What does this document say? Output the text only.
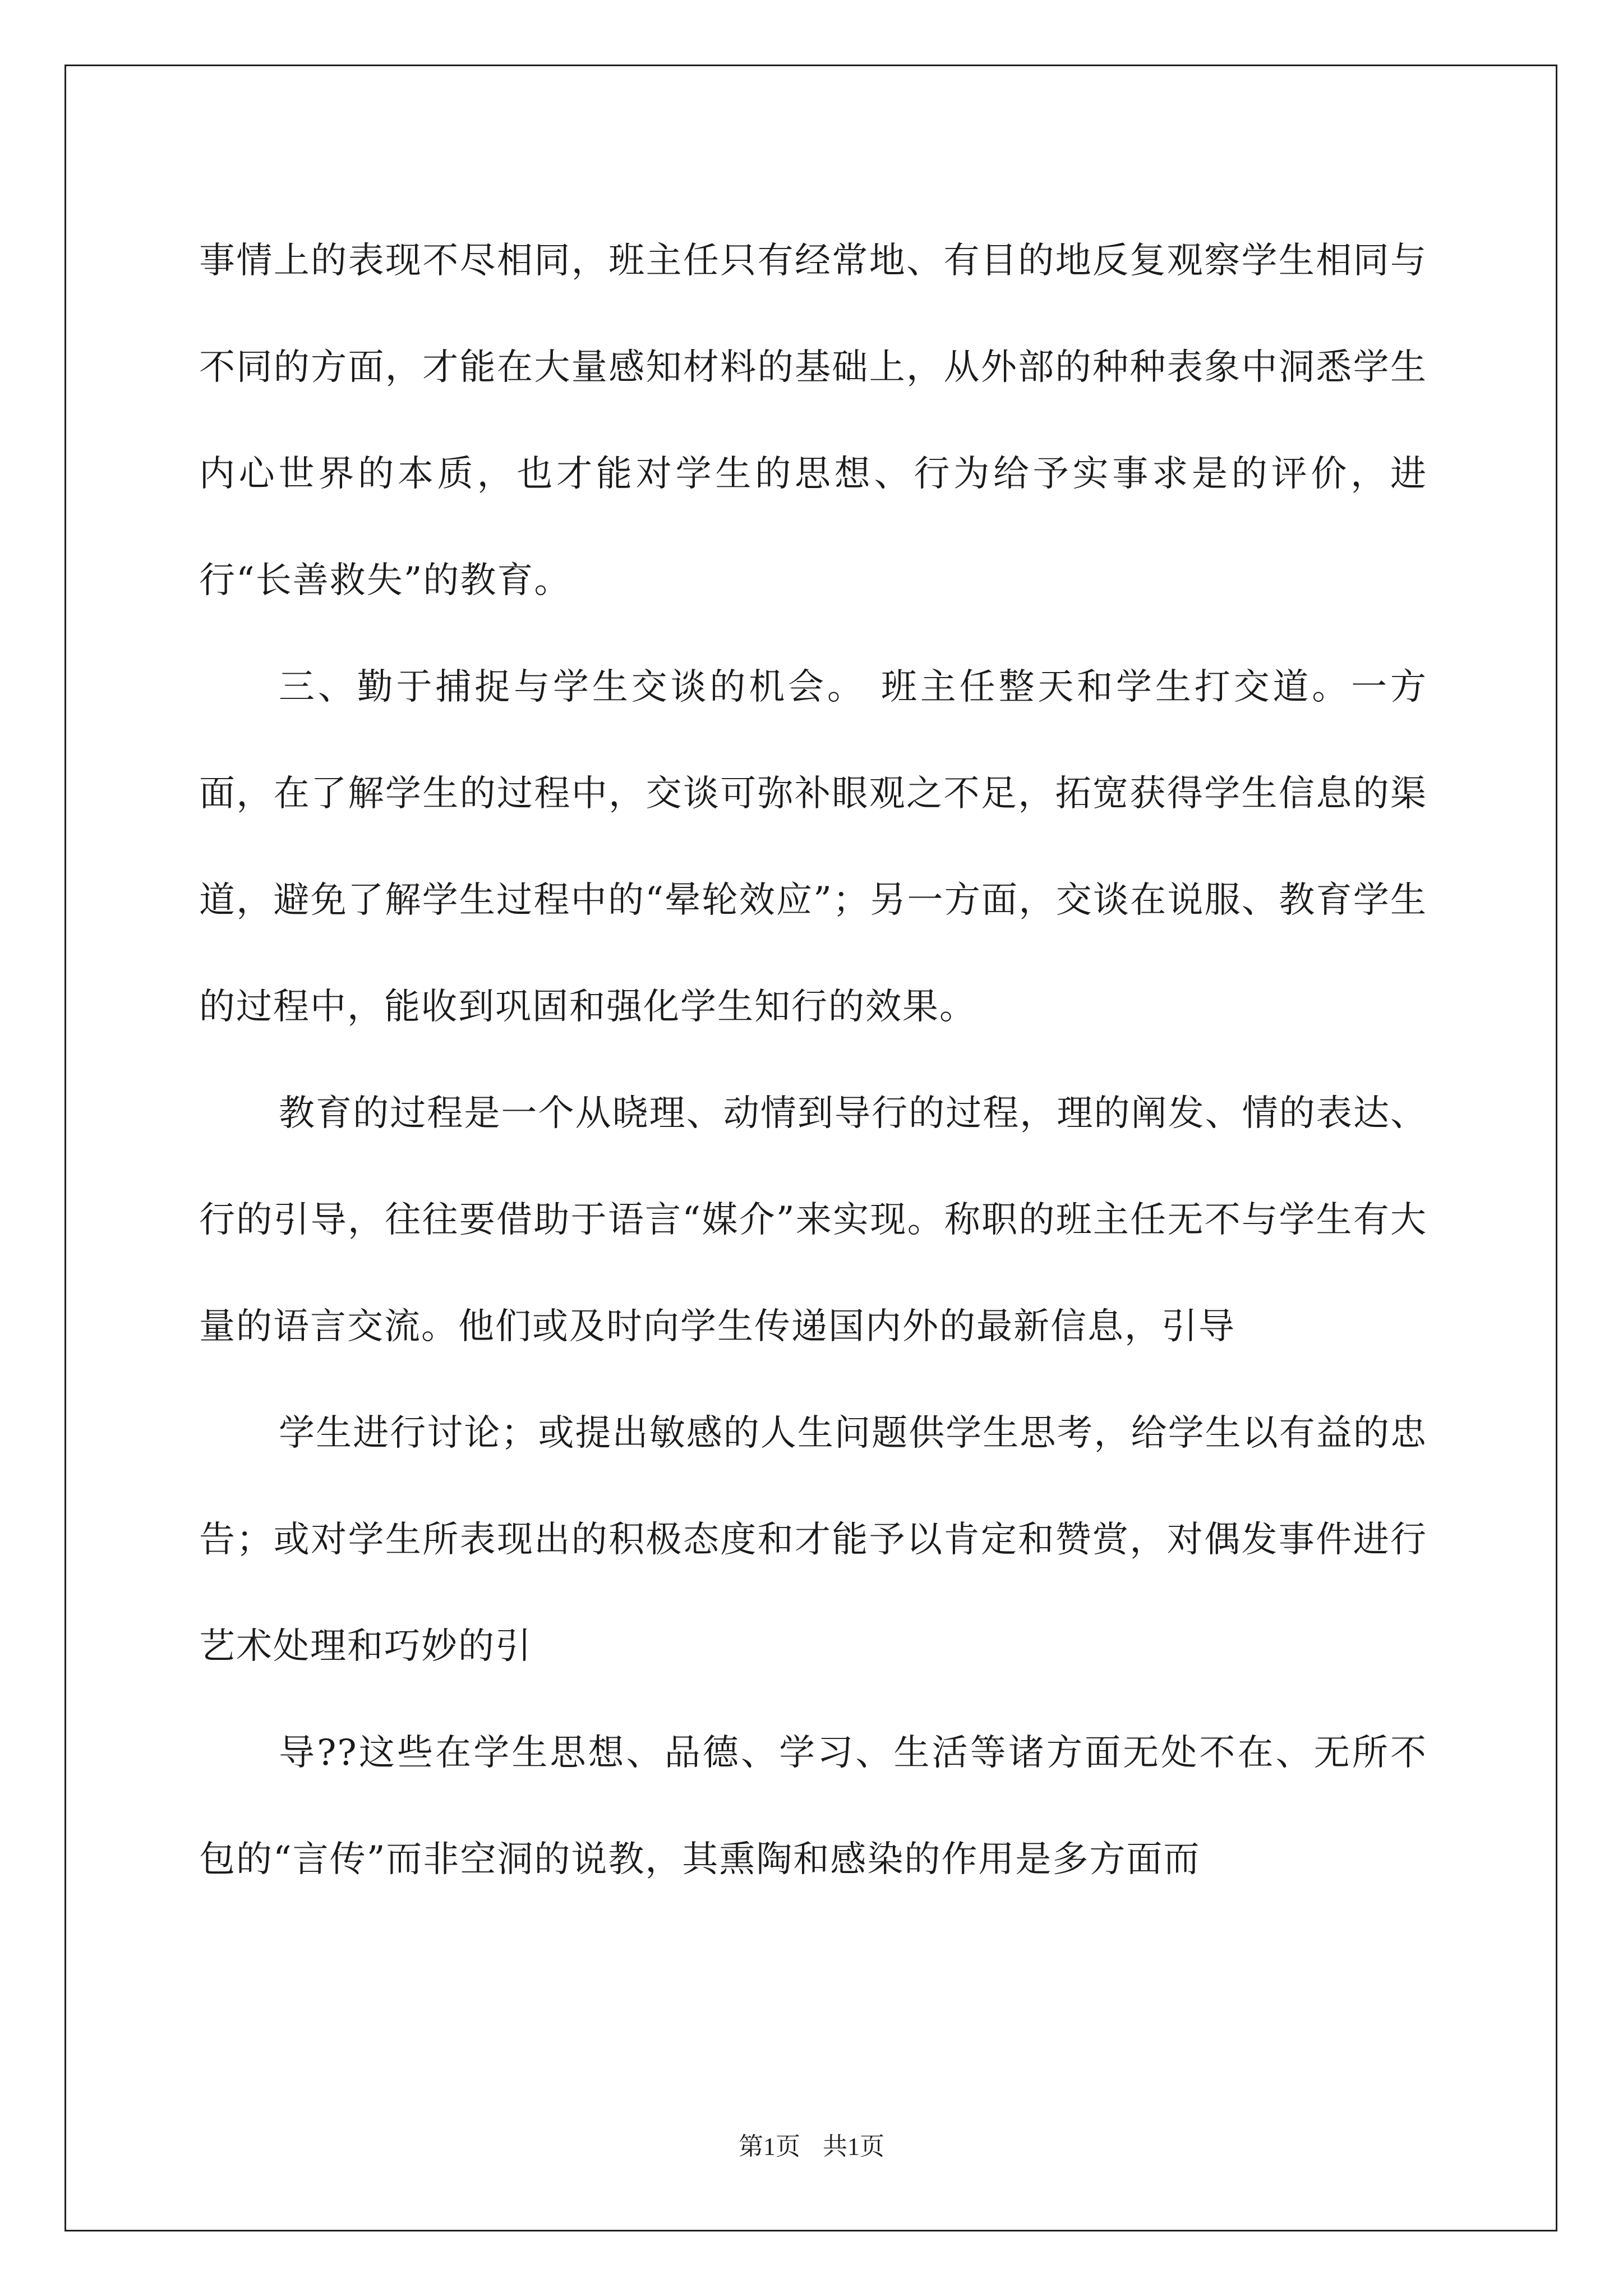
事情上的表现不尽相同，班主任只有经常地、有目的地反复观察学生相同与不同的方面，才能在大量感知材料的基础上，从外部的种种表象中洞悉学生内心世界的本质，也才能对学生的思想、行为给予实事求是的评价，进行“长善救失”的教育。

三、勤于捕捉与学生交谈的机会。 班主任整天和学生打交道。一方面，在了解学生的过程中，交谈可弥补眼观之不足，拓宽获得学生信息的渠道，避免了解学生过程中的“晕轮效应”；另一方面，交谈在说服、教育学生的过程中，能收到巩固和强化学生知行的效果。

教育的过程是一个从晓理、动情到导行的过程，理的阐发、情的表达、行的引导，往往要借助于语言“媒介”来实现。称职的班主任无不与学生有大量的语言交流。他们或及时向学生传递国内外的最新信息，引导

学生进行讨论；或提出敏感的人生问题供学生思考，给学生以有益的忠告；或对学生所表现出的积极态度和才能予以肯定和赞赏，对偶发事件进行艺术处理和巧妙的引

导??这些在学生思想、品德、学习、生活等诸方面无处不在、无所不包的“言传”而非空洞的说教，其熏陶和感染的作用是多方面而

第1页 共1页
